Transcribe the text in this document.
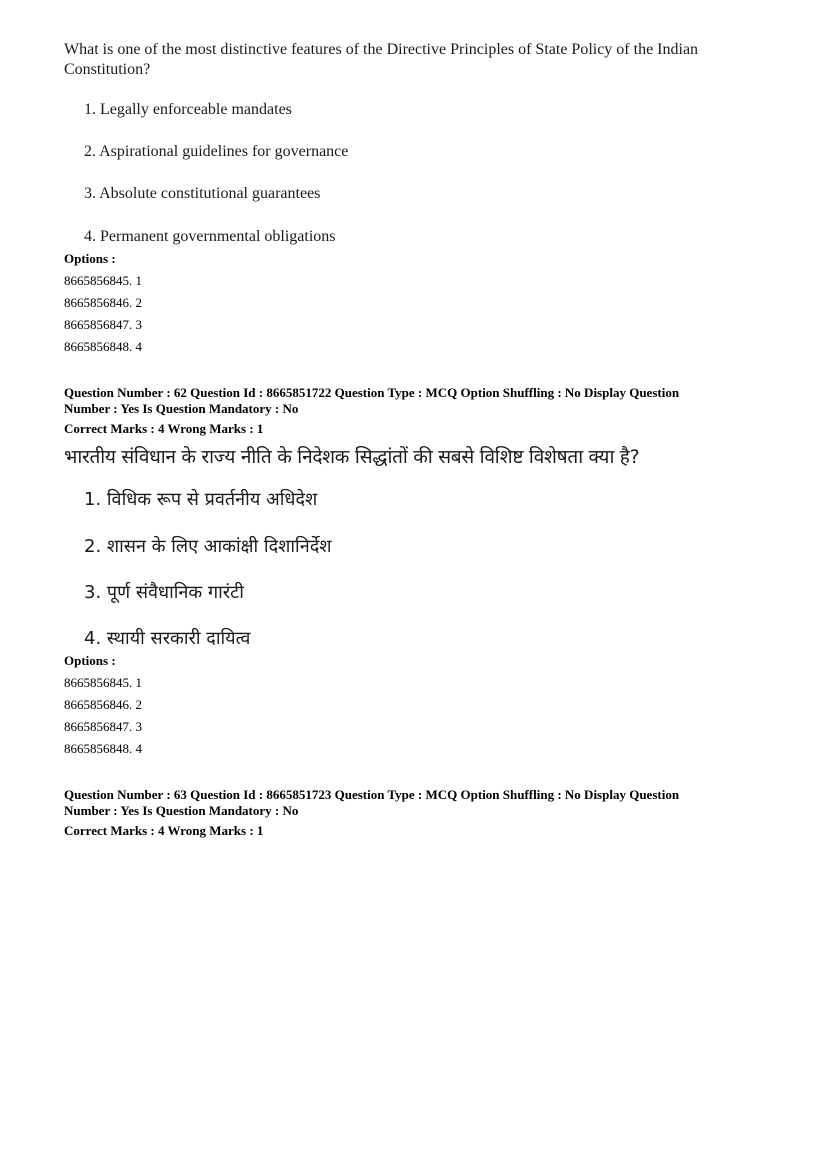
What is one of the most distinctive features of the Directive Principles of State Policy of the Indian Constitution?

1. Legally enforceable mandates
2. Aspirational guidelines for governance
3. Absolute constitutional guarantees
4. Permanent governmental obligations
Options :
8665856845. 1
8665856846. 2
8665856847. 3
8665856848. 4
Question Number : 62 Question Id : 8665851722 Question Type : MCQ Option Shuffling : No Display Question
Number : Yes Is Question Mandatory : No
Correct Marks : 4 Wrong Marks : 1

भारतीय संविधान के राज्य नीति के निदेशक सिद्धांतों की सबसे विशिष्ट विशेषता क्या है?

1. विधिक रूप से प्रवर्तनीय अधिदेश
2. शासन के लिए आकांक्षी दिशानिर्देश
3. पूर्ण संवैधानिक गारंटी
4. स्थायी सरकारी दायित्व
Options :
8665856845. 1
8665856846. 2
8665856847. 3
8665856848. 4
Question Number : 63 Question Id : 8665851723 Question Type : MCQ Option Shuffling : No Display Question
Number : Yes Is Question Mandatory : No
Correct Marks : 4 Wrong Marks : 1
